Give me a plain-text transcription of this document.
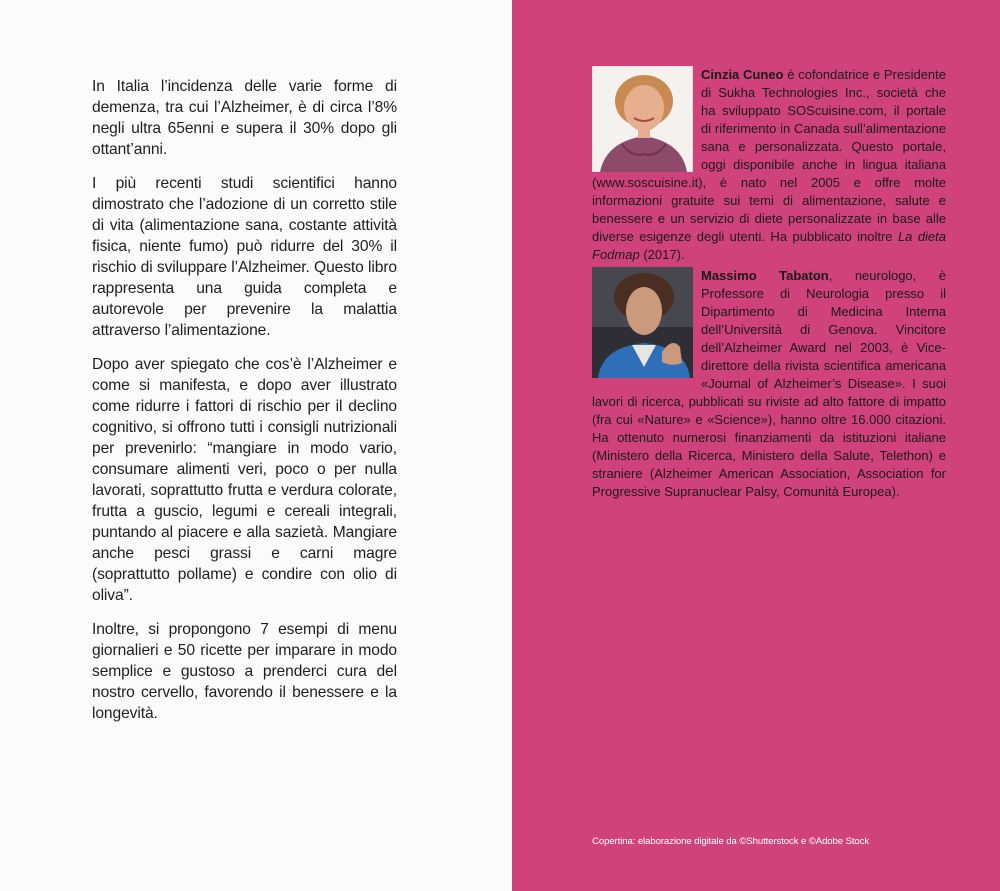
In Italia l’incidenza delle varie forme di demenza, tra cui l’Alzheimer, è di circa l’8% negli ultra 65enni e supera il 30% dopo gli ottant’anni.

I più recenti studi scientifici hanno dimostrato che l’adozione di un corretto stile di vita (alimentazione sana, costante attività fisica, niente fumo) può ridurre del 30% il rischio di sviluppare l’Alzheimer. Questo libro rappresenta una guida completa e autorevole per prevenire la malattia attraverso l’alimentazione.

Dopo aver spiegato che cos’è l’Alzheimer e come si manifesta, e dopo aver illustrato come ridurre i fattori di rischio per il declino cognitivo, si offrono tutti i consigli nutrizionali per prevenirlo: “mangiare in modo vario, consumare alimenti veri, poco o per nulla lavorati, soprattutto frutta e verdura colorate, frutta a guscio, legumi e cereali integrali, puntando al piacere e alla sazietà. Mangiare anche pesci grassi e carni magre (soprattutto pollame) e condire con olio di oliva”.

Inoltre, si propongono 7 esempi di menu giornalieri e 50 ricette per imparare in modo semplice e gustoso a prenderci cura del nostro cervello, favorendo il benessere e la longevità.

Cinzia Cuneo è cofondatrice e Presidente di Sukha Technologies Inc., società che ha sviluppato SOScuisine.com, il portale di riferimento in Canada sull’alimentazione sana e personalizzata. Questo portale, oggi disponibile anche in lingua italiana (www.soscuisine.it), è nato nel 2005 e offre molte informazioni gratuite sui temi di alimentazione, salute e benessere e un servizio di diete personalizzate in base alle diverse esigenze degli utenti. Ha pubblicato inoltre La dieta Fodmap (2017).

Massimo Tabaton, neurologo, è Professore di Neurologia presso il Dipartimento di Medicina Interna dell’Università di Genova. Vincitore dell’Alzheimer Award nel 2003, è Vice-direttore della rivista scientifica americana «Journal of Alzheimer’s Disease». I suoi lavori di ricerca, pubblicati su riviste ad alto fattore di impatto (fra cui «Nature» e «Science»), hanno oltre 16.000 citazioni. Ha ottenuto numerosi finanziamenti da istituzioni italiane (Ministero della Ricerca, Ministero della Salute, Telethon) e straniere (Alzheimer American Association, Association for Progressive Supranuclear Palsy, Comunità Europea).

Copertina: elaborazione digitale da ©Shutterstock e ©Adobe Stock
